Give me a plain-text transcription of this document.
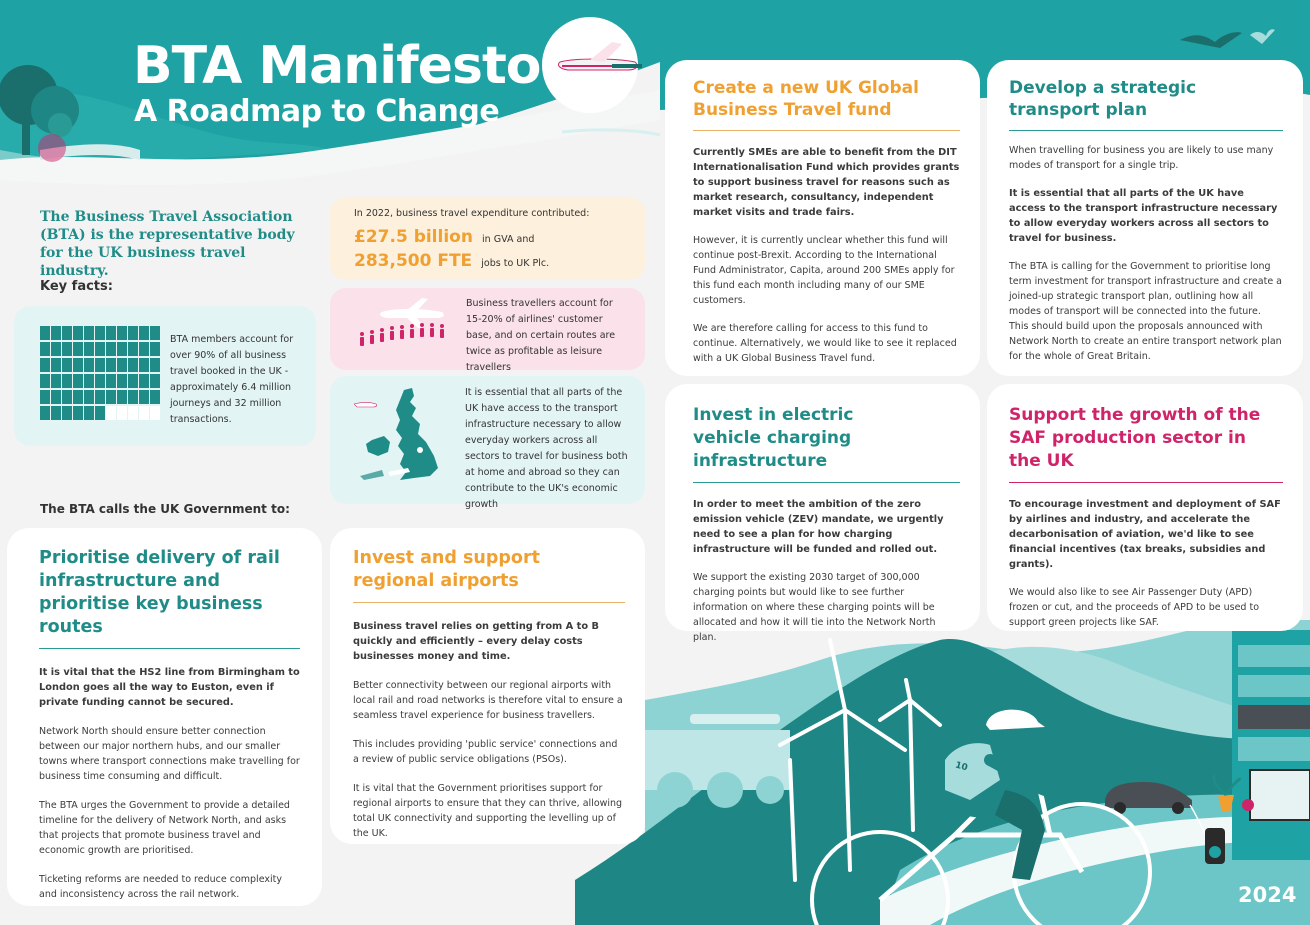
BTA Manifesto
A Roadmap to Change
The Business Travel Association (BTA) is the representative body for the UK business travel industry.
Key facts:

BTA members account for over 90% of all business travel booked in the UK - approximately 6.4 million journeys and 32 million transactions.

In 2022, business travel expenditure contributed:

£27.5 billion in GVA and
283,500 FTE jobs to UK Plc.

Business travellers account for 15-20% of airlines' customer base, and on certain routes are twice as profitable as leisure travellers

It is essential that all parts of the UK have access to the transport infrastructure necessary to allow everyday workers across all sectors to travel for business both at home and abroad so they can contribute to the UK's economic growth

The BTA calls the UK Government to:
Prioritise delivery of rail infrastructure and prioritise key business routes

It is vital that the HS2 line from Birmingham to London goes all the way to Euston, even if private funding cannot be secured.

Network North should ensure better connection between our major northern hubs, and our smaller towns where transport connections make travelling for business time consuming and difficult.

The BTA urges the Government to provide a detailed timeline for the delivery of Network North, and asks that projects that promote business travel and economic growth are prioritised.

Ticketing reforms are needed to reduce complexity and inconsistency across the rail network.

Invest and support regional airports

Business travel relies on getting from A to B quickly and efficiently – every delay costs businesses money and time.

Better connectivity between our regional airports with local rail and road networks is therefore vital to ensure a seamless travel experience for business travellers.

This includes providing 'public service' connections and a review of public service obligations (PSOs).

It is vital that the Government prioritises support for regional airports to ensure that they can thrive, allowing total UK connectivity and supporting the levelling up of the UK.

Create a new UK Global Business Travel fund

Currently SMEs are able to benefit from the DIT Internationalisation Fund which provides grants to support business travel for reasons such as market research, consultancy, independent market visits and trade fairs.

However, it is currently unclear whether this fund will continue post-Brexit. According to the International Fund Administrator, Capita, around 200 SMEs apply for this fund each month including many of our SME customers.

We are therefore calling for access to this fund to continue. Alternatively, we would like to see it replaced with a UK Global Business Travel fund.

Develop a strategic transport plan

When travelling for business you are likely to use many modes of transport for a single trip.

It is essential that all parts of the UK have access to the transport infrastructure necessary to allow everyday workers across all sectors to travel for business.

The BTA is calling for the Government to prioritise long term investment for transport infrastructure and create a joined-up strategic transport plan, outlining how all modes of transport will be connected into the future. This should build upon the proposals announced with Network North to create an entire transport network plan for the whole of Great Britain.

Invest in electric vehicle charging infrastructure

In order to meet the ambition of the zero emission vehicle (ZEV) mandate, we urgently need to see a plan for how charging infrastructure will be funded and rolled out.

We support the existing 2030 target of 300,000 charging points but would like to see further information on where these charging points will be allocated and how it will tie into the Network North plan.

Support the growth of the SAF production sector in the UK

To encourage investment and deployment of SAF by airlines and industry, and accelerate the decarbonisation of aviation, we'd like to see financial incentives (tax breaks, subsidies and grants).

We would also like to see Air Passenger Duty (APD) frozen or cut, and the proceeds of APD to be used to support green projects like SAF.

10
2024
